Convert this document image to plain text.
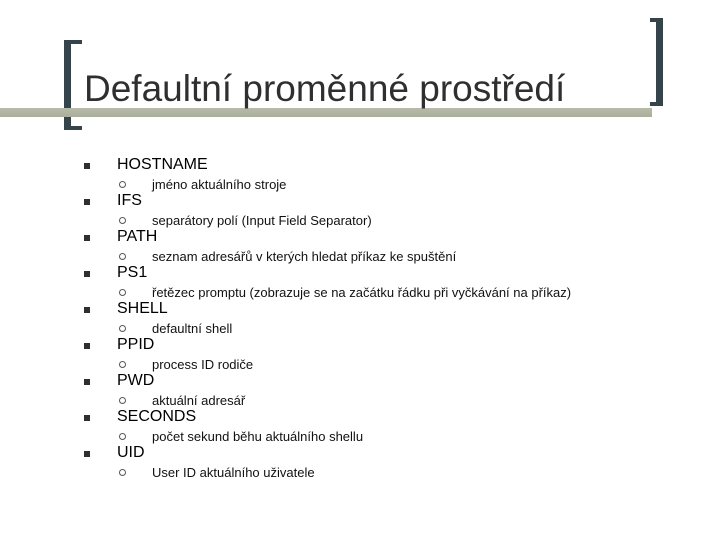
Defaultní proměnné prostředí
HOSTNAME
jméno aktuálního stroje
IFS
separátory polí (Input Field Separator)
PATH
seznam adresářů v kterých hledat příkaz ke spuštění
PS1
řetězec promptu (zobrazuje se na začátku řádku při vyčkávání na příkaz)
SHELL
defaultní shell
PPID
process ID rodiče
PWD
aktuální adresář
SECONDS
počet sekund běhu aktuálního shellu
UID
User ID aktuálního uživatele
